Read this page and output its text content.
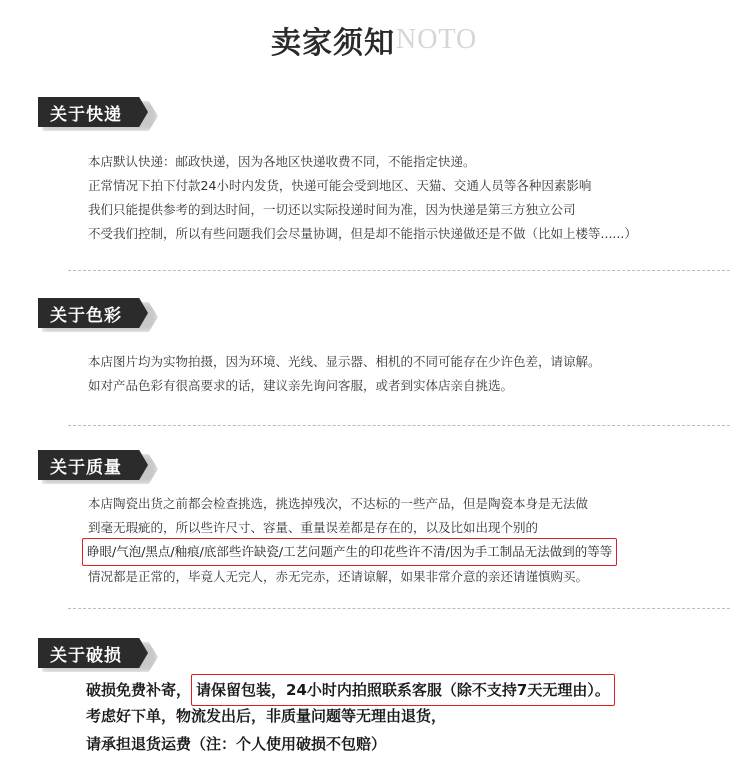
卖家须知 NOTO
关于快递
本店默认快递：邮政快递，因为各地区快递收费不同，不能指定快递。
正常情况下拍下付款24小时内发货，快递可能会受到地区、天猫、交通人员等各种因素影响
我们只能提供参考的到达时间，一切还以实际投递时间为准，因为快递是第三方独立公司
不受我们控制，所以有些问题我们会尽量协调，但是却不能指示快递做还是不做（比如上楼等......）
关于色彩
本店图片均为实物拍摄，因为环境、光线、显示器、相机的不同可能存在少许色差，请谅解。
如对产品色彩有很高要求的话，建议亲先询问客服，或者到实体店亲自挑选。
关于质量
本店陶瓷出货之前都会检查挑选，挑选掉残次，不达标的一些产品，但是陶瓷本身是无法做
到毫无瑕疵的，所以些许尺寸、容量、重量误差都是存在的，以及比如出现个别的
睁眼/气泡/黑点/釉痕/底部些许缺瓷/工艺问题产生的印花些许不清/因为手工制品无法做到的等等
情况都是正常的，毕竟人无完人，赤无完赤，还请谅解，如果非常介意的亲还请谨慎购买。
关于破损
破损免费补寄， 请保留包装，24小时内拍照联系客服（除不支持7天无理由）。
考虑好下单，物流发出后，非质量问题等无理由退货，
请承担退货运费（注：个人使用破损不包赔）
